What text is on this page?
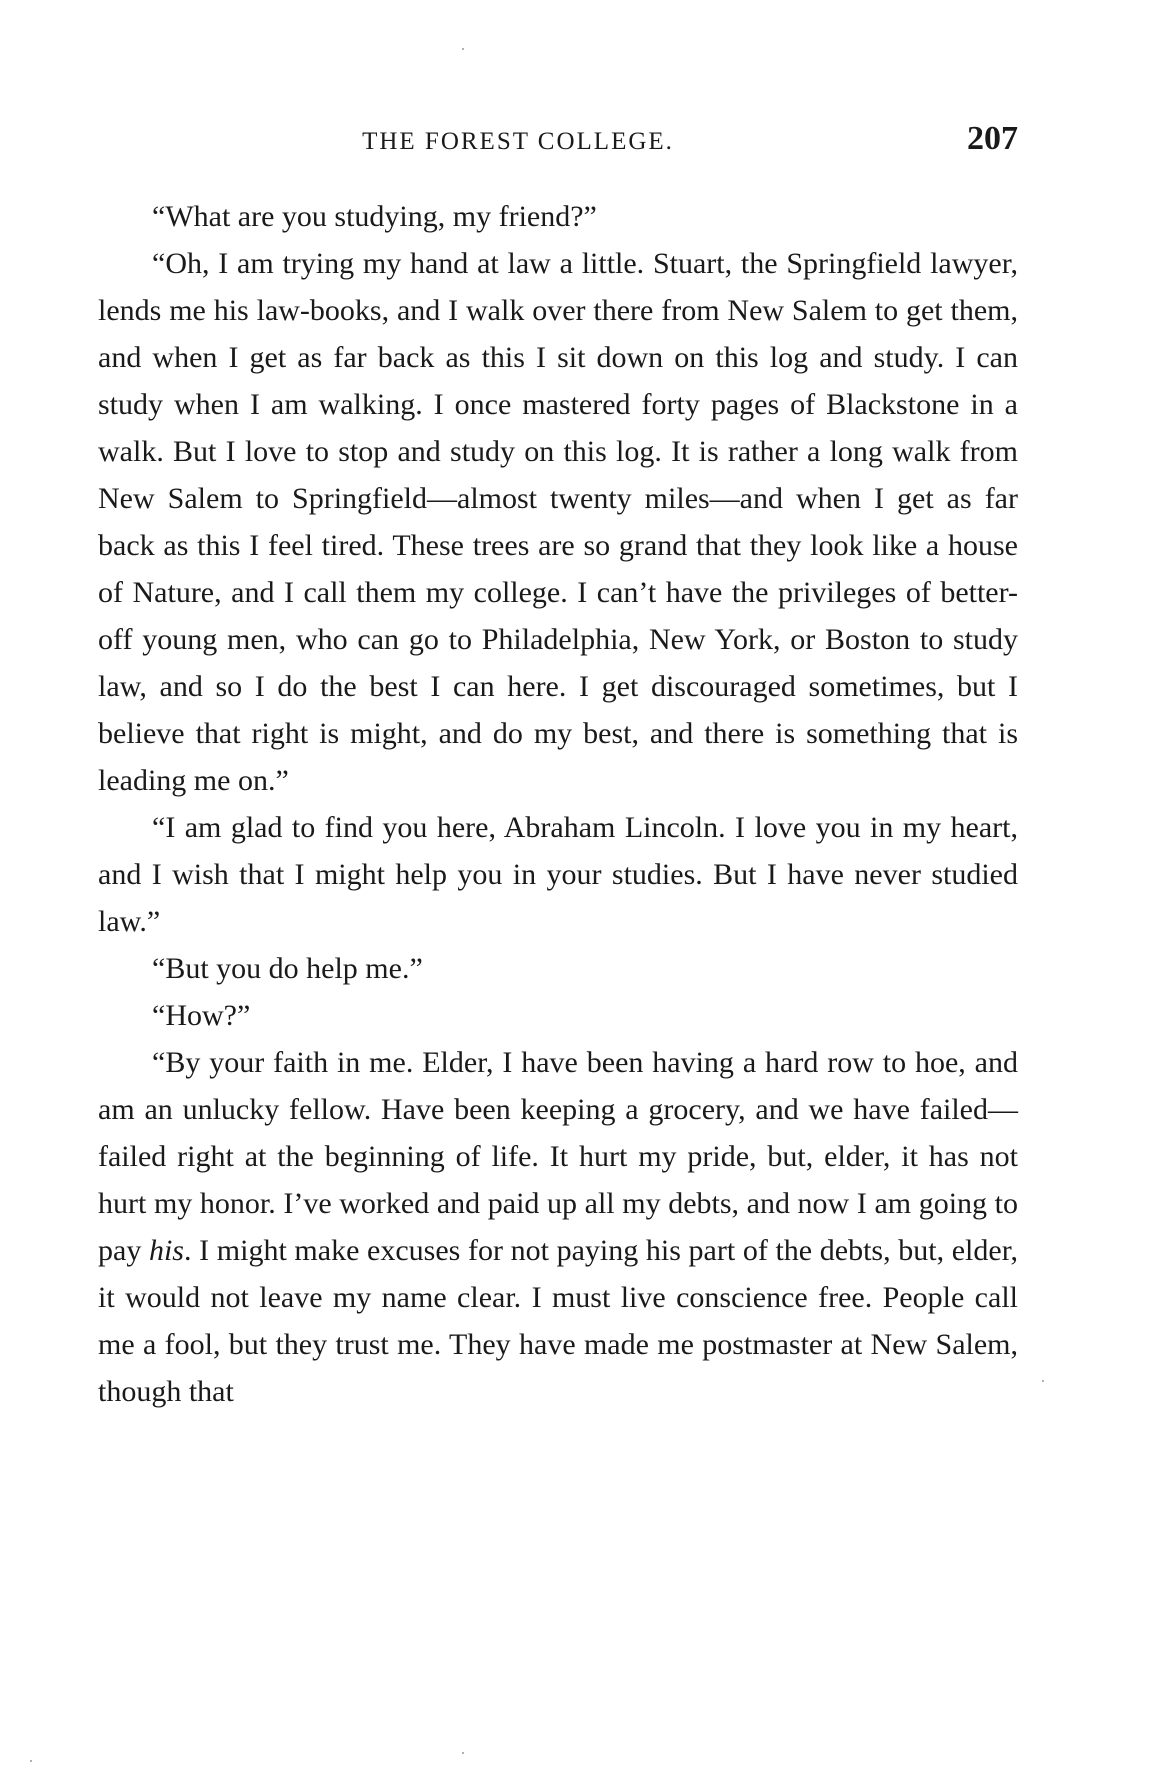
THE FOREST COLLEGE.	207

“What are you studying, my friend?”

“Oh, I am trying my hand at law a little. Stuart, the Springfield lawyer, lends me his law-books, and I walk over there from New Salem to get them, and when I get as far back as this I sit down on this log and study. I can study when I am walking. I once mastered forty pages of Blackstone in a walk. But I love to stop and study on this log. It is rather a long walk from New Salem to Springfield—almost twenty miles—and when I get as far back as this I feel tired. These trees are so grand that they look like a house of Nature, and I call them my college. I can’t have the privileges of better-off young men, who can go to Philadelphia, New York, or Boston to study law, and so I do the best I can here. I get discouraged sometimes, but I believe that right is might, and do my best, and there is something that is leading me on.”

“I am glad to find you here, Abraham Lincoln. I love you in my heart, and I wish that I might help you in your studies. But I have never studied law.”

“But you do help me.”

“How?”

“By your faith in me. Elder, I have been having a hard row to hoe, and am an unlucky fellow. Have been keeping a grocery, and we have failed—failed right at the beginning of life. It hurt my pride, but, elder, it has not hurt my honor. I’ve worked and paid up all my debts, and now I am going to pay his. I might make excuses for not paying his part of the debts, but, elder, it would not leave my name clear. I must live conscience free. People call me a fool, but they trust me. They have made me postmaster at New Salem, though that
